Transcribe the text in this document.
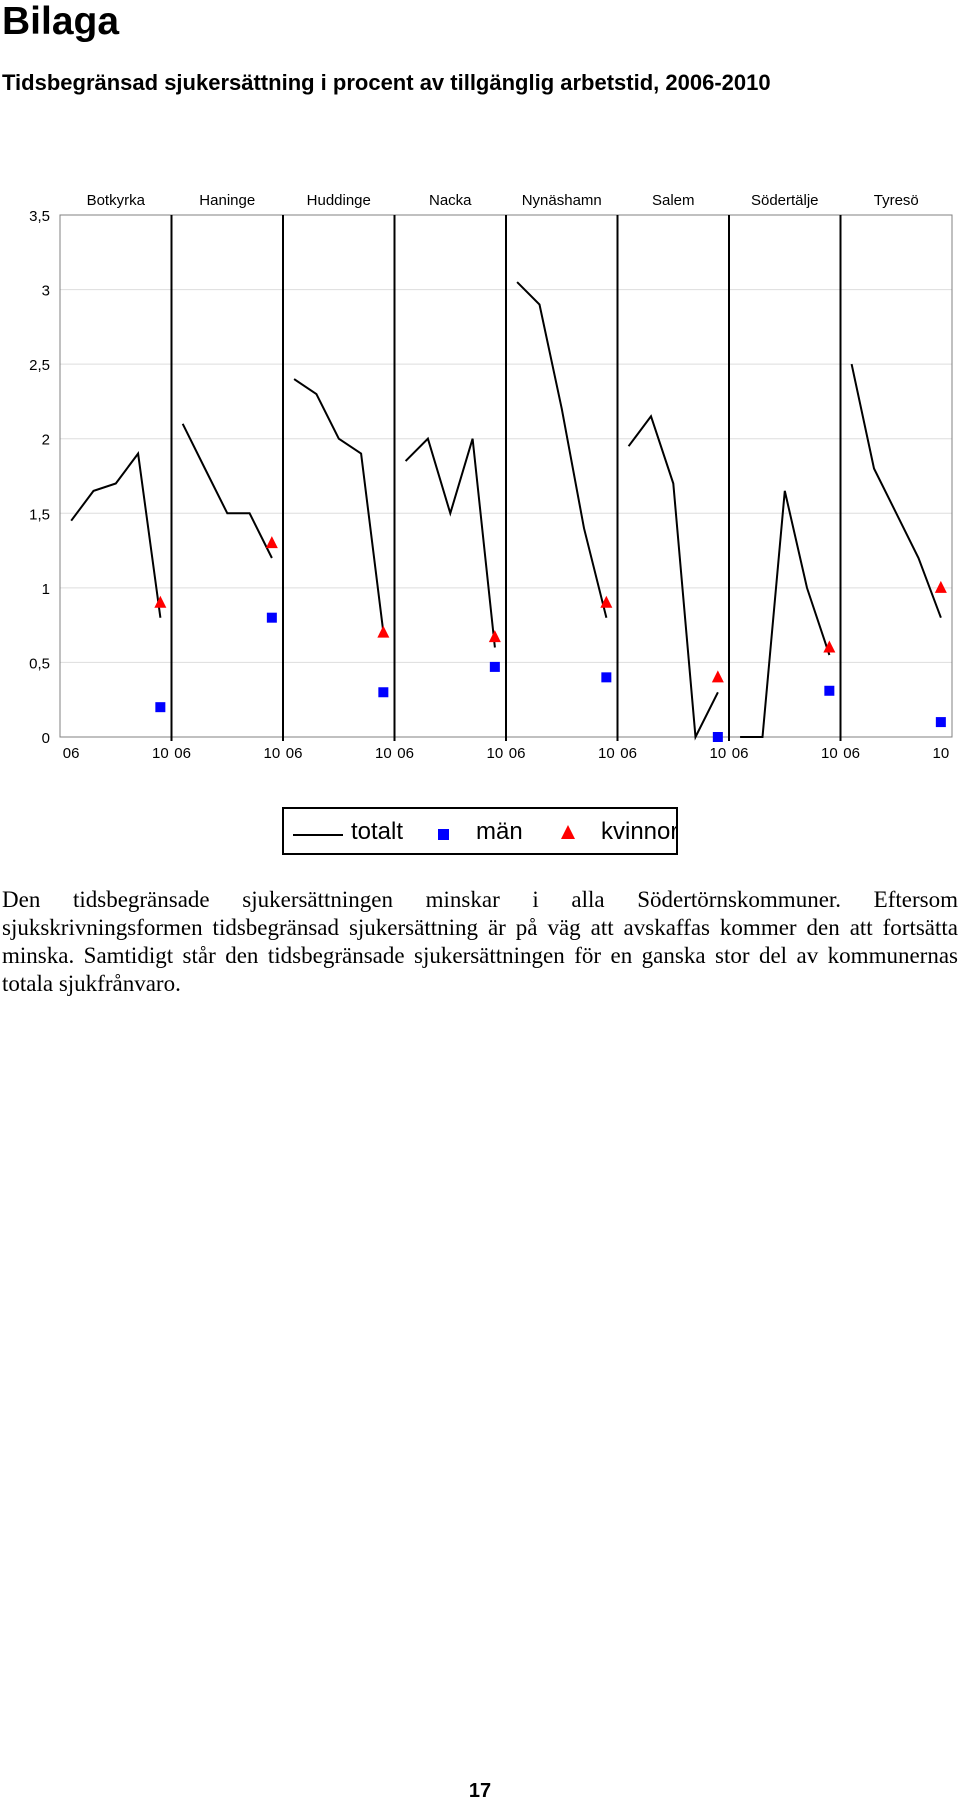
Bilaga
Tidsbegränsad sjukersättning i procent av tillgänglig arbetstid, 2006-2010
0
0,5
1
1,5
2
2,5
3
3,5
Botkyrka
06	10
Haninge
06	10
Huddinge
06	10
Nacka
06	10
Nynäshamn
06	10
Salem
06	10
Södertälje
06	10
Tyresö
06	10
totalt	män	kvinnor

Den tidsbegränsade sjukersättningen minskar i alla Södertörnskommuner. Eftersom sjukskrivningsformen tidsbegränsad sjukersättning är på väg att avskaffas kommer den att fortsätta minska. Samtidigt står den tidsbegränsade sjukersättningen för en ganska stor del av kommunernas totala sjukfrånvaro.

17
